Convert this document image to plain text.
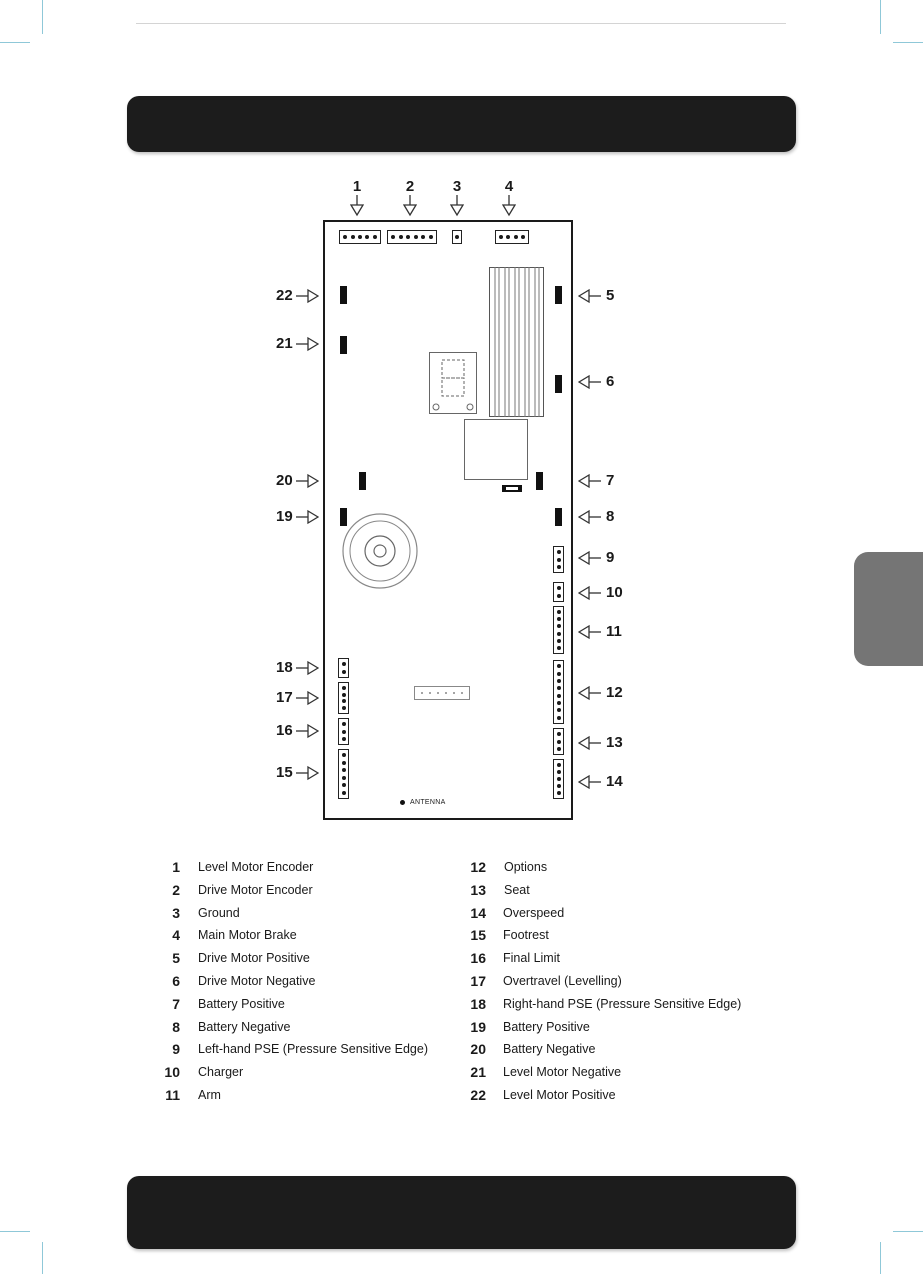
ANTENNA
1	2	3	4
5
6
7
8
9
10
11
12
13
14
22
21
20
19
18
17
16
15
1 Level Motor Encoder
2 Drive Motor Encoder
3 Ground
4 Main Motor Brake
5 Drive Motor Positive
6 Drive Motor Negative
7 Battery Positive
8 Battery Negative
9 Left-hand PSE (Pressure Sensitive Edge)
10 Charger
11 Arm
12 Options
13 Seat
14 Overspeed
15 Footrest
16 Final Limit
17 Overtravel (Levelling)
18 Right-hand PSE (Pressure Sensitive Edge)
19 Battery Positive
20 Battery Negative
21 Level Motor Negative
22 Level Motor Positive
